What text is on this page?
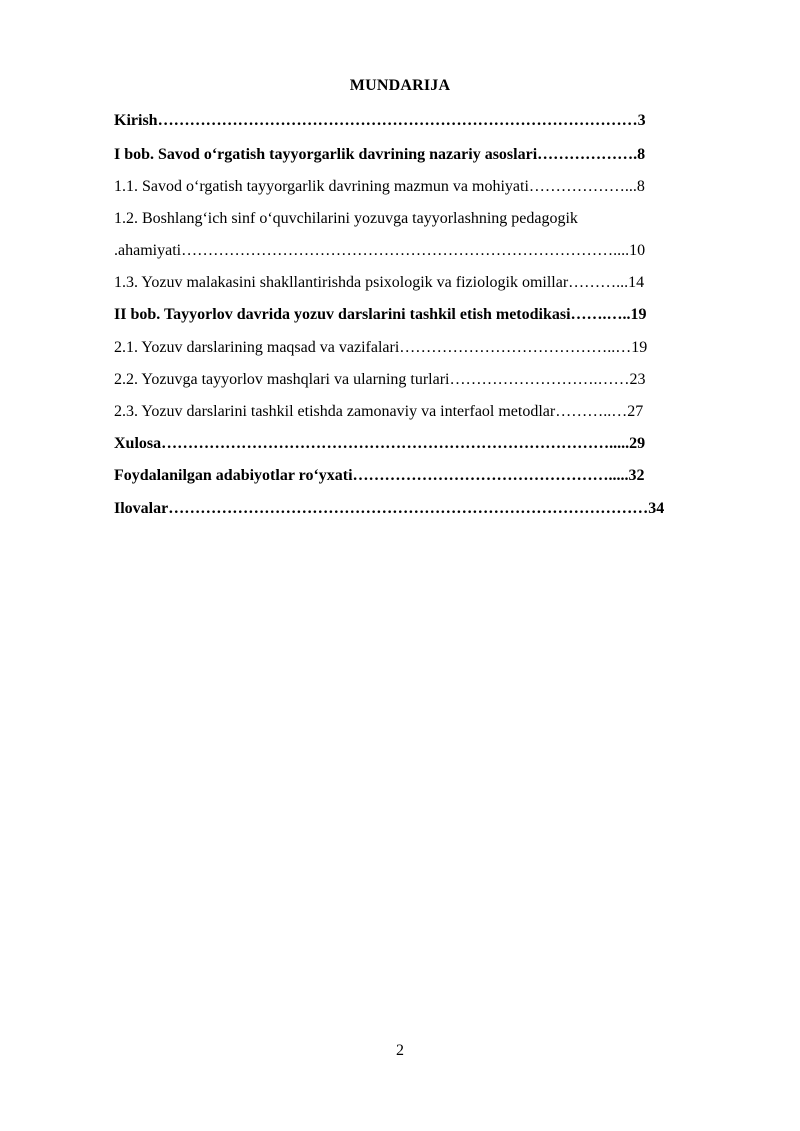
MUNDARIJA
Kirish………………………………………………………………………………3
I bob. Savod o‘rgatish tayyorgarlik davrining nazariy asoslari……………….8
1.1. Savod o‘rgatish tayyorgarlik davrining mazmun va mohiyati………………...8
1.2. Boshlang‘ich sinf o‘quvchilarini yozuvga tayyorlashning pedagogik
.ahamiyati………………………………………………………………………....10
1.3. Yozuv malakasini shakllantirishda psixologik va fiziologik omillar………...14
II bob. Tayyorlov davrida yozuv darslarini tashkil etish metodikasi…….…..19
2.1. Yozuv darslarining maqsad va vazifalari…………………………………..…19
2.2. Yozuvga tayyorlov mashqlari va ularning turlari……………………….……23
2.3. Yozuv darslarini tashkil etishda zamonaviy va interfaol metodlar………..…27
Xulosa………………………………………………………………………….....29
Foydalanilgan adabiyotlar ro‘yxati………………………………………….....32
Ilovalar………………………………………………………………………………34
2
